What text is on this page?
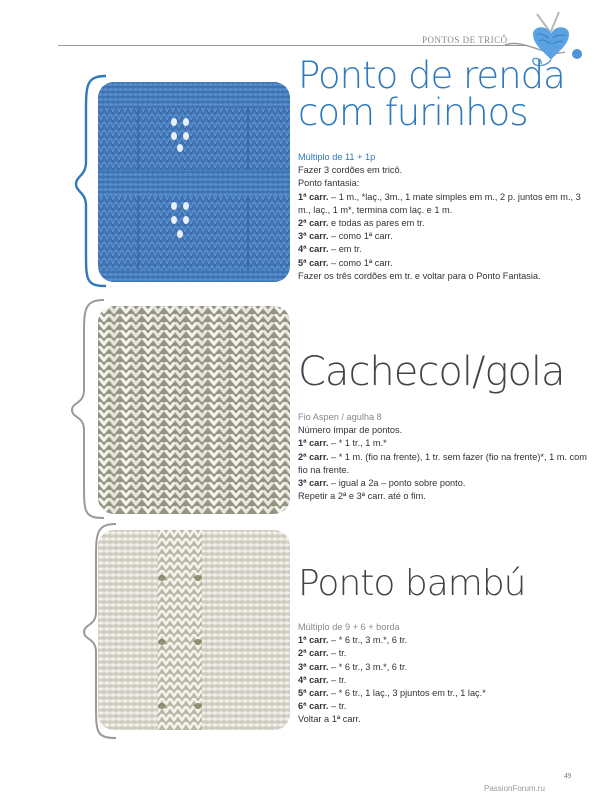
PONTOS DE TRICÔ
Ponto de renda
com furinhos
Múltiplo de 11 + 1p
Fazer 3 cordões em tricô.
Ponto fantasia:
1ª carr. – 1 m., *laç., 3m., 1 mate simples em m., 2 p. juntos em m., 3 m., laç., 1 m*, termina com laç. e 1 m.
2ª carr. e todas as pares em tr.
3ª carr. – como 1ª carr.
4ª carr. – em tr.
5ª carr. – como 1ª carr.
Fazer os três cordões em tr. e voltar para o Ponto Fantasia.
Cachecol/gola
Fio Aspen / agulha 8
Número ímpar de pontos.
1ª carr. – * 1 tr., 1 m.*
2ª carr. – * 1 m. (fio na frente), 1 tr. sem fazer (fio na frente)*, 1 m. com fio na frente.
3ª carr. – igual a 2a – ponto sobre ponto.
Repetir a 2ª e 3ª carr. até o fim.
Ponto bambú
Múltiplo de 9 + 6 + borda
1ª carr. – * 6 tr., 3 m.*, 6 tr.
2ª carr. – tr.
3ª carr. – * 6 tr., 3 m.*, 6 tr.
4ª carr. – tr.
5ª carr. – * 6 tr., 1 laç., 3 pjuntos em tr., 1 laç.*
6ª carr. – tr.
Voltar a 1ª carr.
49
PassionForum.ru
